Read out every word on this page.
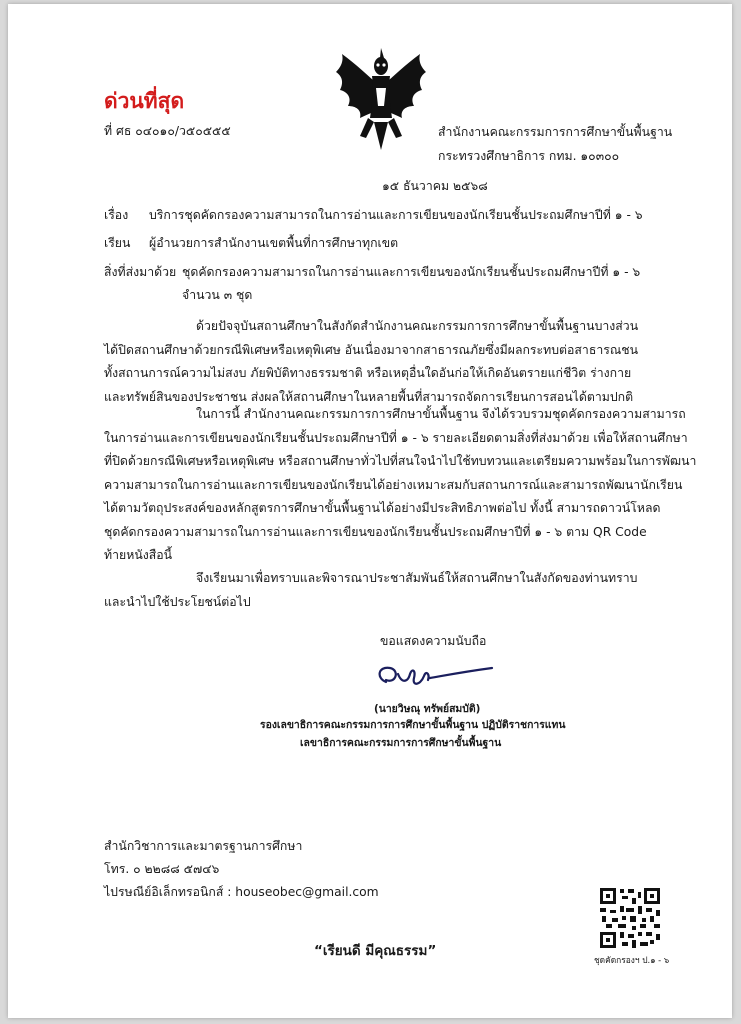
ด่วนที่สุด
ที่ ศธ ๐๔๐๑๐/ว๕๐๕๕๕	สำนักงานคณะกรรมการการศึกษาขั้นพื้นฐาน
กระทรวงศึกษาธิการ กทม. ๑๐๓๐๐
๑๕ ธันวาคม ๒๕๖๘
เรื่อง บริการชุดคัดกรองความสามารถในการอ่านและการเขียนของนักเรียนชั้นประถมศึกษาปีที่ ๑ - ๖
เรียน ผู้อำนวยการสำนักงานเขตพื้นที่การศึกษาทุกเขต
สิ่งที่ส่งมาด้วย ชุดคัดกรองความสามารถในการอ่านและการเขียนของนักเรียนชั้นประถมศึกษาปีที่ ๑ - ๖
จำนวน ๓ ชุด
ด้วยปัจจุบันสถานศึกษาในสังกัดสำนักงานคณะกรรมการการศึกษาขั้นพื้นฐานบางส่วน
ได้ปิดสถานศึกษาด้วยกรณีพิเศษหรือเหตุพิเศษ อันเนื่องมาจากสาธารณภัยซึ่งมีผลกระทบต่อสาธารณชน
ทั้งสถานการณ์ความไม่สงบ ภัยพิบัติทางธรรมชาติ หรือเหตุอื่นใดอันก่อให้เกิดอันตรายแก่ชีวิต ร่างกาย
และทรัพย์สินของประชาชน ส่งผลให้สถานศึกษาในหลายพื้นที่สามารถจัดการเรียนการสอนได้ตามปกติ
ในการนี้ สำนักงานคณะกรรมการการศึกษาขั้นพื้นฐาน จึงได้รวบรวมชุดคัดกรองความสามารถ
ในการอ่านและการเขียนของนักเรียนชั้นประถมศึกษาปีที่ ๑ - ๖ รายละเอียดตามสิ่งที่ส่งมาด้วย เพื่อให้สถานศึกษา
ที่ปิดด้วยกรณีพิเศษหรือเหตุพิเศษ หรือสถานศึกษาทั่วไปที่สนใจนำไปใช้ทบทวนและเตรียมความพร้อมในการพัฒนา
ความสามารถในการอ่านและการเขียนของนักเรียนได้อย่างเหมาะสมกับสถานการณ์และสามารถพัฒนานักเรียน
ได้ตามวัตถุประสงค์ของหลักสูตรการศึกษาขั้นพื้นฐานได้อย่างมีประสิทธิภาพต่อไป ทั้งนี้ สามารถดาวน์โหลด
ชุดคัดกรองความสามารถในการอ่านและการเขียนของนักเรียนชั้นประถมศึกษาปีที่ ๑ - ๖ ตาม QR Code
ท้ายหนังสือนี้
จึงเรียนมาเพื่อทราบและพิจารณาประชาสัมพันธ์ให้สถานศึกษาในสังกัดของท่านทราบ
และนำไปใช้ประโยชน์ต่อไป
ขอแสดงความนับถือ
(นายวิษณุ ทรัพย์สมบัติ)
รองเลขาธิการคณะกรรมการการศึกษาขั้นพื้นฐาน ปฏิบัติราชการแทน
เลขาธิการคณะกรรมการการศึกษาขั้นพื้นฐาน
สำนักวิชาการและมาตรฐานการศึกษา
โทร. ๐ ๒๒๘๘ ๕๗๔๖
ไปรษณีย์อิเล็กทรอนิกส์ : houseobec@gmail.com
“เรียนดี มีคุณธรรม”
ชุดคัดกรองฯ ป.๑ - ๖
